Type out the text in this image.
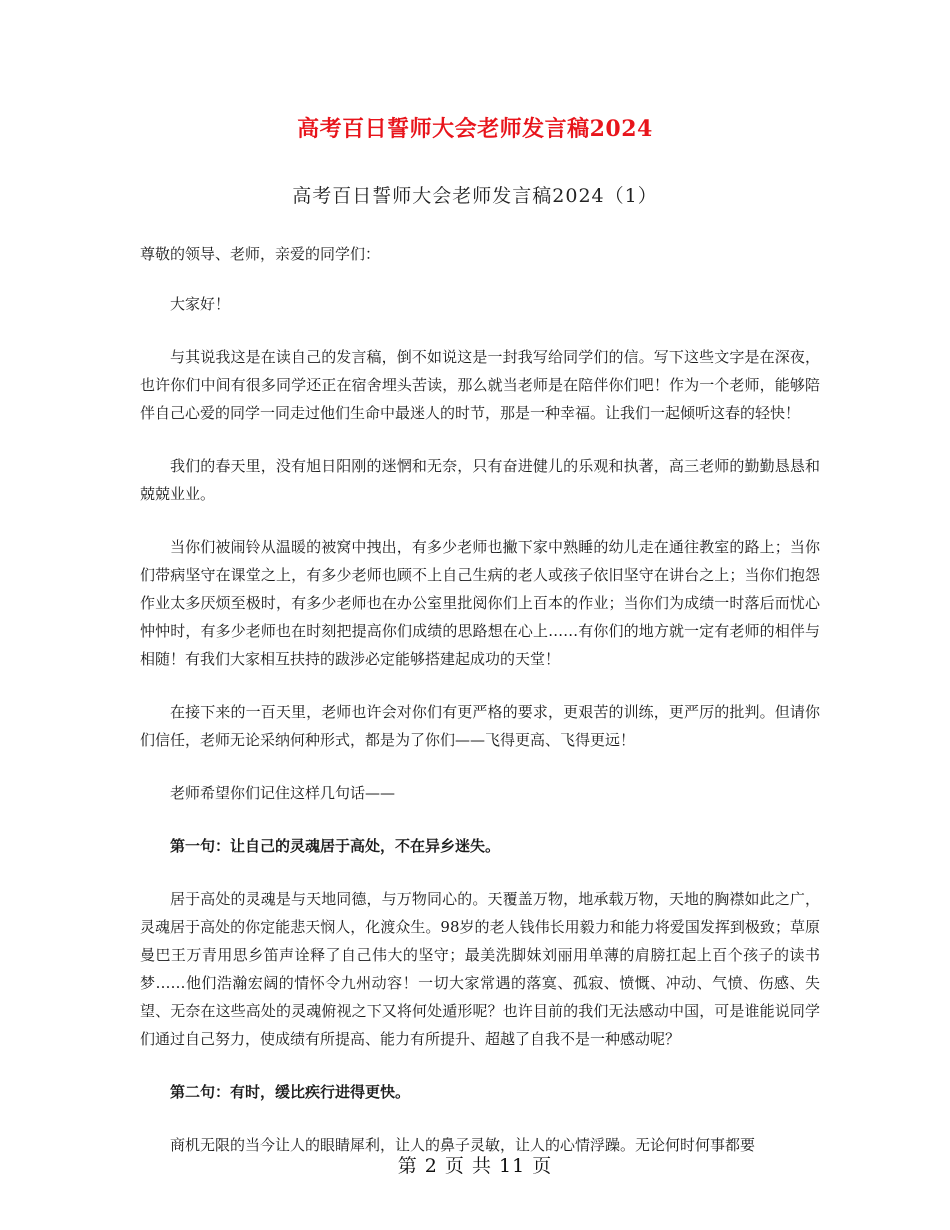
高考百日誓师大会老师发言稿2024
高考百日誓师大会老师发言稿2024（1）

尊敬的领导、老师，亲爱的同学们：

大家好！

与其说我这是在读自己的发言稿，倒不如说这是一封我写给同学们的信。写下这些文字是在深夜，也许你们中间有很多同学还正在宿舍埋头苦读，那么就当老师是在陪伴你们吧！作为一个老师，能够陪伴自己心爱的同学一同走过他们生命中最迷人的时节，那是一种幸福。让我们一起倾听这春的轻快！

我们的春天里，没有旭日阳刚的迷惘和无奈，只有奋进健儿的乐观和执著，高三老师的勤勤恳恳和兢兢业业。

当你们被闹铃从温暖的被窝中拽出，有多少老师也撇下家中熟睡的幼儿走在通往教室的路上；当你们带病坚守在课堂之上，有多少老师也顾不上自己生病的老人或孩子依旧坚守在讲台之上；当你们抱怨作业太多厌烦至极时，有多少老师也在办公室里批阅你们上百本的作业；当你们为成绩一时落后而忧心忡忡时，有多少老师也在时刻把提高你们成绩的思路想在心上……有你们的地方就一定有老师的相伴与相随！有我们大家相互扶持的跋涉必定能够搭建起成功的天堂！

在接下来的一百天里，老师也许会对你们有更严格的要求，更艰苦的训练，更严厉的批判。但请你们信任，老师无论采纳何种形式，都是为了你们——飞得更高、飞得更远！

老师希望你们记住这样几句话——

第一句：让自己的灵魂居于高处，不在异乡迷失。

居于高处的灵魂是与天地同德，与万物同心的。天覆盖万物，地承载万物，天地的胸襟如此之广，灵魂居于高处的你定能悲天悯人，化渡众生。98岁的老人钱伟长用毅力和能力将爱国发挥到极致；草原曼巴王万青用思乡笛声诠释了自己伟大的坚守；最美洗脚妹刘丽用单薄的肩膀扛起上百个孩子的读书梦……他们浩瀚宏阔的情怀令九州动容！一切大家常遇的落寞、孤寂、愤慨、冲动、气愤、伤感、失望、无奈在这些高处的灵魂俯视之下又将何处遁形呢？也许目前的我们无法感动中国，可是谁能说同学们通过自己努力，使成绩有所提高、能力有所提升、超越了自我不是一种感动呢？

第二句：有时，缓比疾行进得更快。

商机无限的当今让人的眼睛犀利，让人的鼻子灵敏，让人的心情浮躁。无论何时何事都要

第 2 页 共 11 页
